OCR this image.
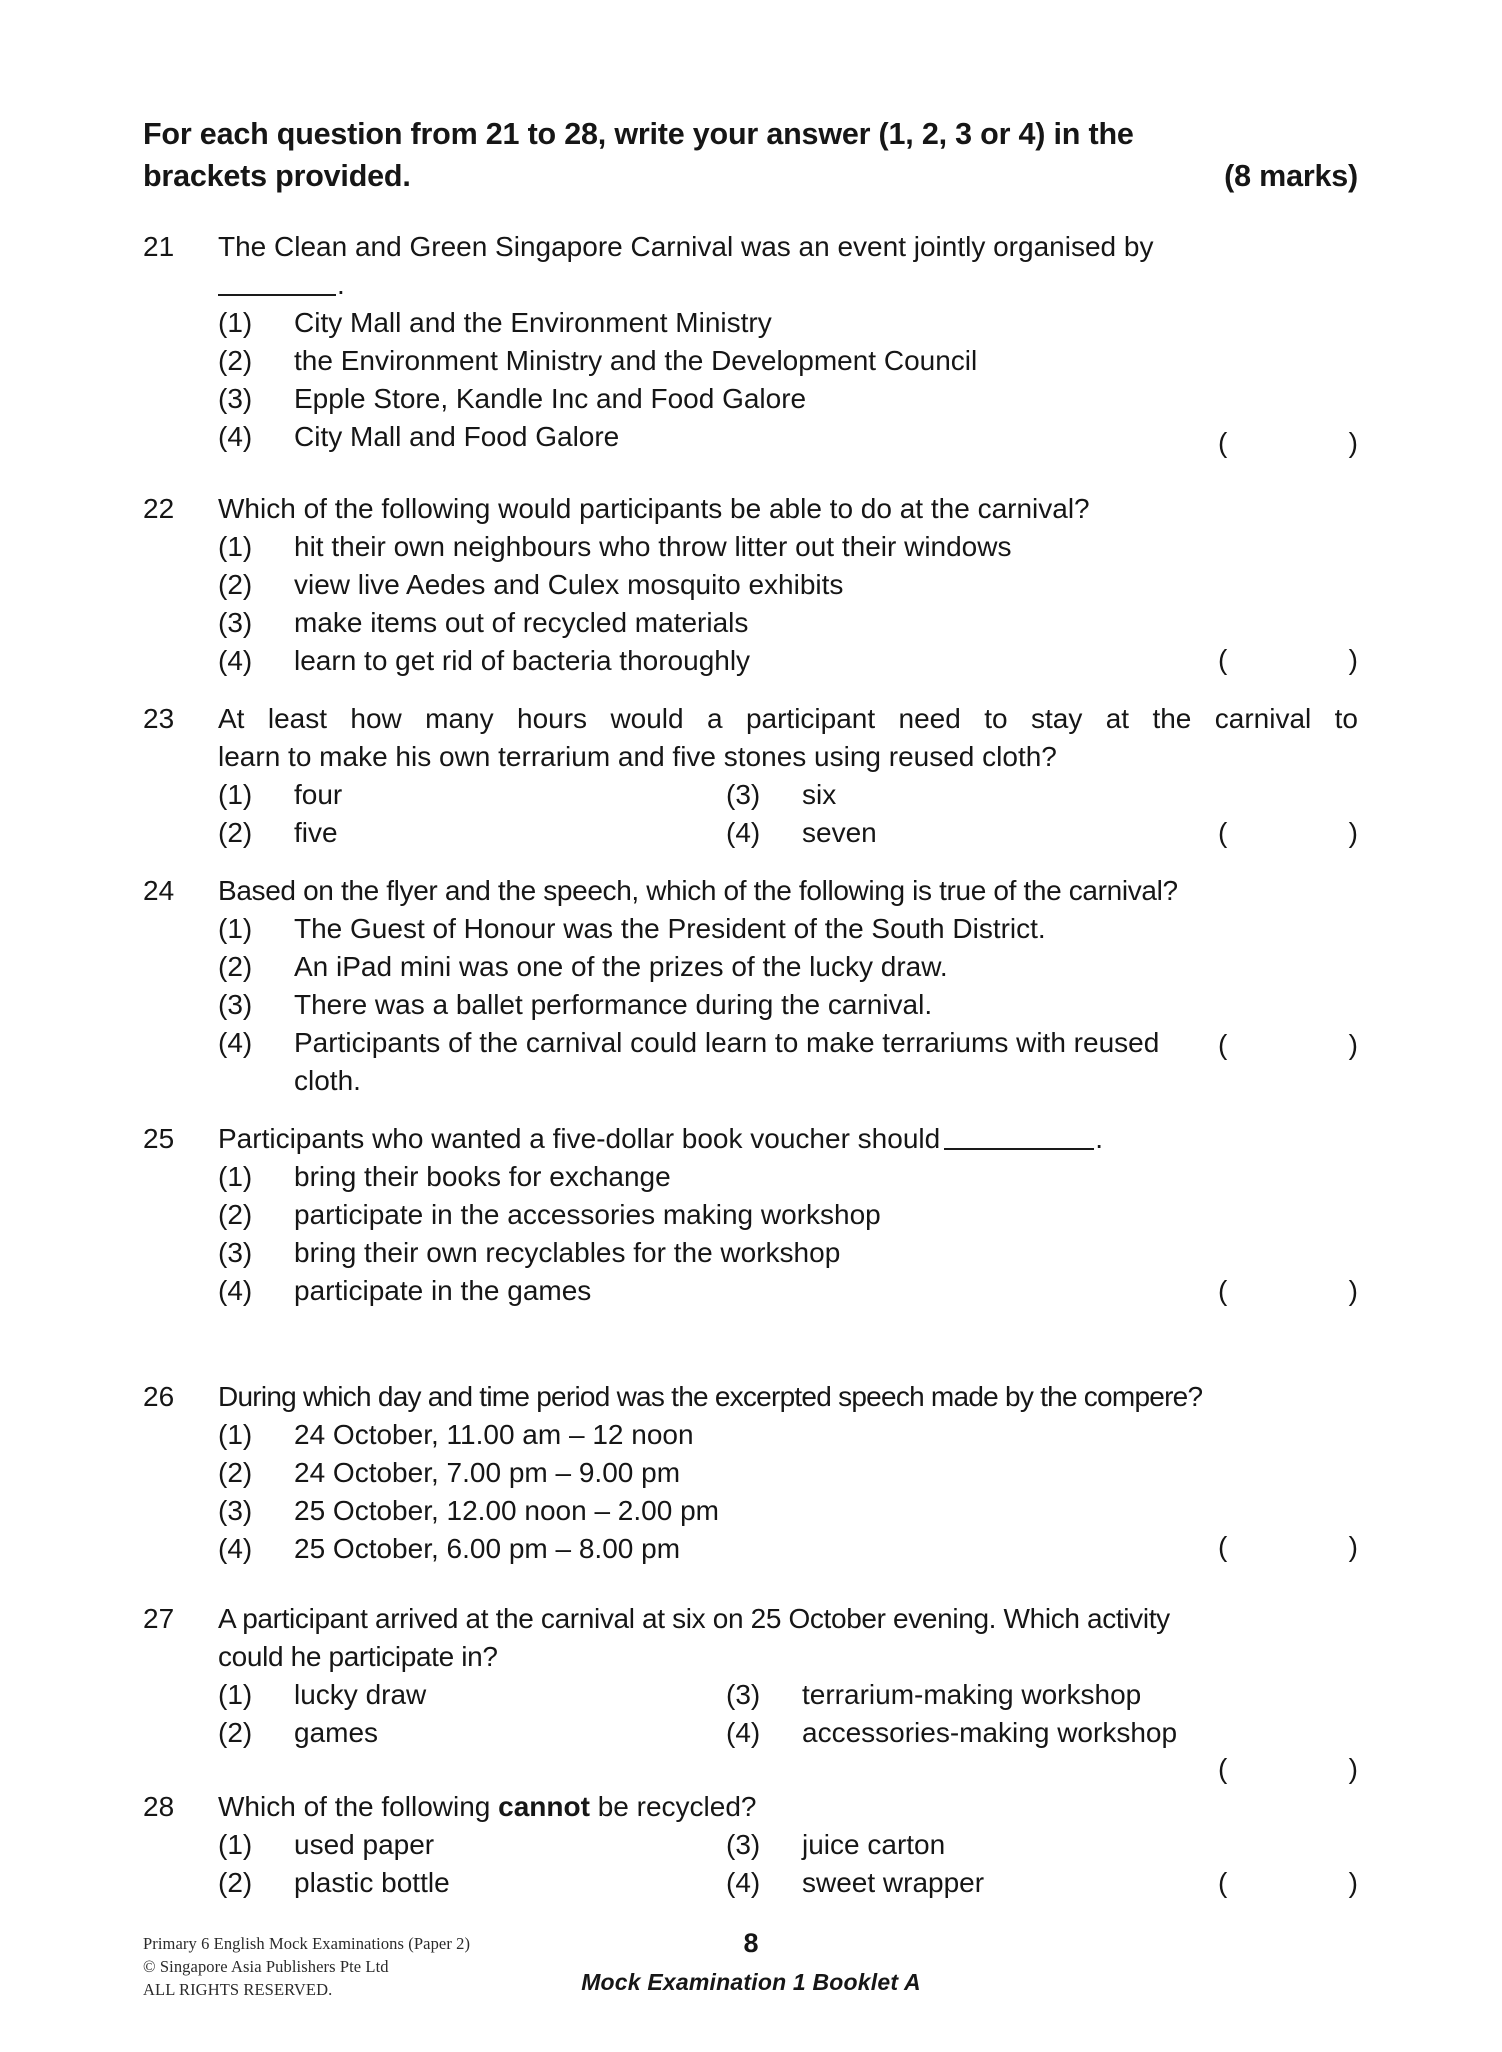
For each question from 21 to 28, write your answer (1, 2, 3 or 4) in the
brackets provided.	(8 marks)
21	The Clean and Green Singapore Carnival was an event jointly organised by
.
(1)	City Mall and the Environment Ministry
(2)	the Environment Ministry and the Development Council
(3)	Epple Store, Kandle Inc and Food Galore
(4)	City Mall and Food Galore	(	)
22	Which of the following would participants be able to do at the carnival?
(1)	hit their own neighbours who throw litter out their windows
(2)	view live Aedes and Culex mosquito exhibits
(3)	make items out of recycled materials
(4)	learn to get rid of bacteria thoroughly	(	)
23	At least how many hours would a participant need to stay at the carnival to
learn to make his own terrarium and five stones using reused cloth?
(1)	four	(3)	six
(2)	five	(4)	seven	(	)
24	Based on the flyer and the speech, which of the following is true of the carnival?
(1)	The Guest of Honour was the President of the South District.
(2)	An iPad mini was one of the prizes of the lucky draw.
(3)	There was a ballet performance during the carnival.
(4)	Participants of the carnival could learn to make terrariums with reused
cloth.
(	)
25	Participants who wanted a five-dollar book voucher should	.
(1)	bring their books for exchange
(2)	participate in the accessories making workshop
(3)	bring their own recyclables for the workshop
(4)	participate in the games	(	)
26	During which day and time period was the excerpted speech made by the compere?
(1)	24 October, 11.00 am – 12 noon
(2)	24 October, 7.00 pm – 9.00 pm
(3)	25 October, 12.00 noon – 2.00 pm
(4)	25 October, 6.00 pm – 8.00 pm	(	)
27	A participant arrived at the carnival at six on 25 October evening. Which activity
could he participate in?
(1)	lucky draw	(3)	terrarium-making workshop
(2)	games	(4)	accessories-making workshop
(	)
28	Which of the following cannot be recycled?
(1)	used paper	(3)	juice carton
(2)	plastic bottle	(4)	sweet wrapper	(	)
Primary 6 English Mock Examinations (Paper 2)
© Singapore Asia Publishers Pte Ltd
ALL RIGHTS RESERVED.
8
Mock Examination 1 Booklet A
